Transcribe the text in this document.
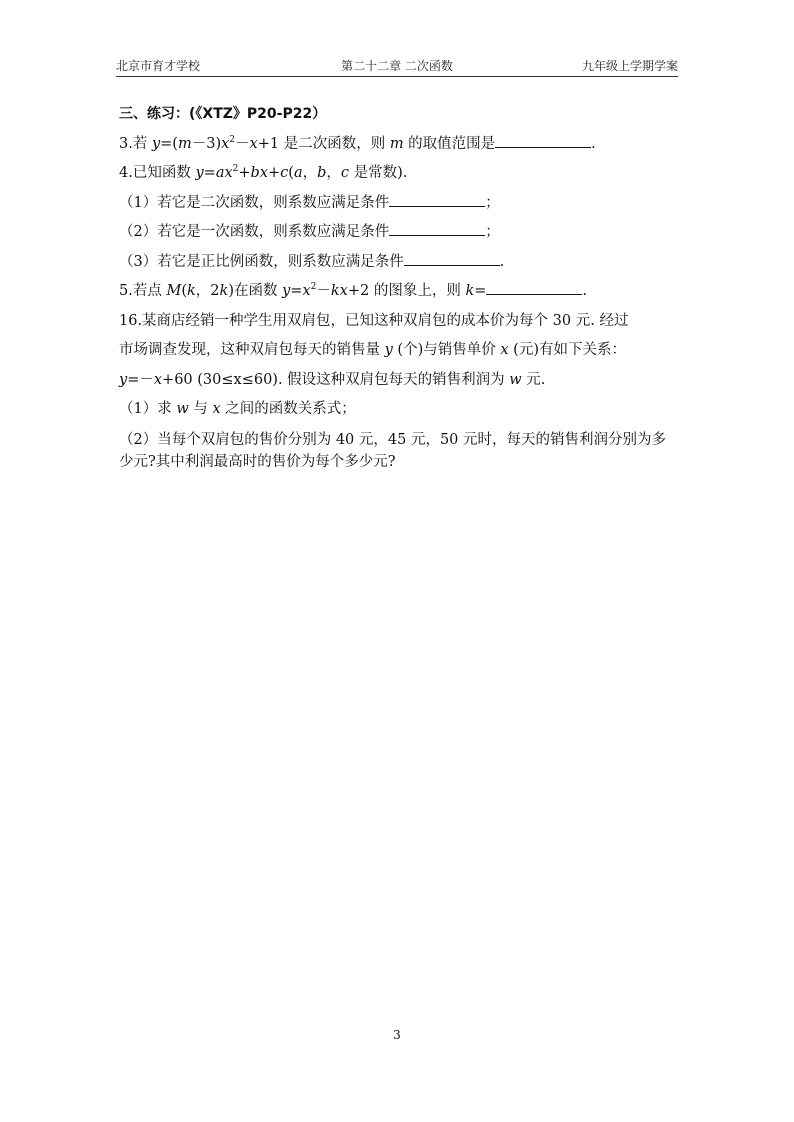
北京市育才学校	第二十二章 二次函数	九年级上学期学案
三、练习：(《XTZ》P20-P22）
3.若 $y=(m-3)x^2-x+1$ 是二次函数，则 m 的取值范围是	.
4.已知函数 $y=ax^2+bx+c(a$，b，c 是常数).
（1）若它是二次函数，则系数应满足条件	；
（2）若它是一次函数，则系数应满足条件	；
（3）若它是正比例函数，则系数应满足条件	.
5.若点 M(k，2k)在函数 $y=x^2-kx+2$ 的图象上，则 k=	.
16.某商店经销一种学生用双肩包，已知这种双肩包的成本价为每个 30 元. 经过
市场调查发现，这种双肩包每天的销售量 y (个)与销售单价 x (元)有如下关系：
y=－x+60 (30≤x≤60). 假设这种双肩包每天的销售利润为 w 元.
（1）求 w 与 x 之间的函数关系式；
（2）当每个双肩包的售价分别为 40 元，45 元，50 元时，每天的销售利润分别为多少元?其中利润最高时的售价为每个多少元?
3
